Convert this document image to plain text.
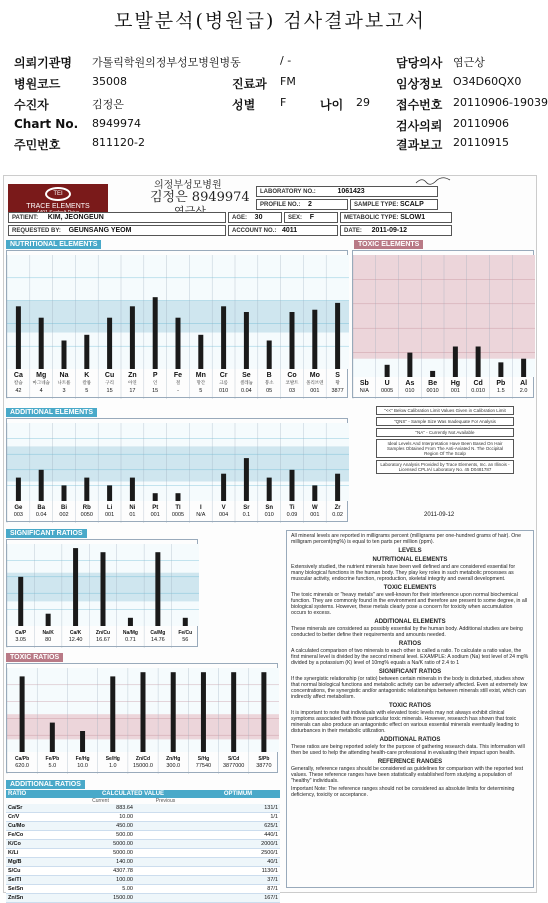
모발분석(병원급) 검사결과보고서
의뢰기관명 가톨릭학원의정부성모병원병동	/ -
병원코드	35008	진료과 FM
수진자	김정은	성별 F	나이 29
Chart No. 8949974
주민번호	811120-2
담당의사 염근상
임상정보 O34D60QX0
접수번호 20110906-19039
검사의뢰 20110906
결과보고 20110915
TEI
TRACE ELEMENTS
의정부성모병원
김정은 8949974	LABORATORY NO.:	1061423
PROFILE NO.: 2	SAMPLE TYPE: SCALP
PATIENT: KIM, JEONGEUN	AGE: 30	SEX: F	METABOLIC TYPE: SLOW1
REQUESTED BY: GEUNSANG YEOM	ACCOUNT NO.: 4011	DATE: 2011-09-12
NUTRITIONAL ELEMENTS	TOXIC ELEMENTS
ADDITIONAL ELEMENTS
SIGNIFICANT RATIOS
TOXIC RATIOS
ADDITIONAL RATIOS
Ca
칼슘
42
Mg
마그네슘
4
Na
나트륨
3
K
칼륨
5
Cu
구리
15
Zn
아연
17
P
인
15
Fe
철
-
Mn
망간
5
Cr
크롬
010
Se
셀레늄
0.04
B
붕소
05
Co
코발트
03
Mo
몰리브덴
001
S
황
3877
Sb
N/A
U
0005
As
010
Be
0010
Hg
001
Cd
0.010
Pb
1.5
Al
2.0
Ge
003
Ba
0.04
Bi
002
Rb
0050
Li
001
Ni
01
Pt
001
Tl
0005
I
N/A
V
004
Sr
0.1
Sn
010
Ti
0.09
W
001
Zr
0.02
Ca/P
3.05
Na/K
80
Ca/K
12.40
Zn/Cu
16.67
Na/Mg
0.71
Ca/Mg
14.76
Fe/Cu
56
Ca/Pb
620.0
Fe/Pb
5.0
Fe/Hg
10.0
Se/Hg
1.0
Zn/Cd
15000.0
Zn/Hg
300.0
S/Hg
77540
S/Cd
3877000
S/Pb
38770
"<<" Below Calibration Limit Values Given in Calibration Limit
"QNS" - Sample Size Was Inadequate For Analysis
"NA" - Currently Not Available
Ideal Levels And Interpretation Have Been Based On Hair Samples Obtained From The Anti-Aviated N. The Occipital Region Of The Scalp
Laboratory Analysis Provided by Trace Elements, Inc. an Illinois - Licensed CPLIA/ Laboratory No. 45 D0481787
2011-09-12

All mineral levels are reported in milligrams percent (milligrams per one-hundred grams of hair). One milligram percent(mg%) is equal to ten parts per million (ppm).

LEVELS
NUTRITIONAL ELEMENTS

Extensively studied, the nutrient minerals have been well defined and are considered essential for many biological functions in the human body. They play key roles in such metabolic processes as muscular activity, endocrine function, reproduction, skeletal integrity and overall development.

TOXIC ELEMENTS

The toxic minerals or "heavy metals" are well-known for their interference upon normal biochemical function. They are commonly found in the environment and therefore are present to some degree, in all biological systems. However, these metals clearly pose a concern for toxicity when accumulation occurs to excess.

ADDITIONAL ELEMENTS

These minerals are considered as possibly essential by the human body. Additional studies are being conducted to better define their requirements and amounts needed.

RATIOS

A calculated comparison of two minerals to each other is called a ratio. To calculate a ratio value, the first mineral level is divided by the second mineral level. EXAMPLE: A sodium (Na) test level of 24 mg% divided by a potassium (K) level of 10mg% equals a Na/K ratio of 2.4 to 1

SIGNIFICANT RATIOS

If the synergistic relationship (or ratio) between certain minerals in the body is disturbed, studies show that normal biological functions and metabolic activity can be adversely affected. Even at extremely low concentrations, the synergistic and/or antagonistic relationships between minerals still exist, which can indirectly affect metabolism.

TOXIC RATIOS

It is important to note that individuals with elevated toxic levels may not always exhibit clinical symptoms associated with those particular toxic minerals. However, research has shown that toxic minerals can also produce an antagonistic effect on various essential minerals eventually leading to disturbances in their metabolic utilization.

ADDITIONAL RATIOS

These ratios are being reported solely for the purpose of gathering research data. This information will then be used to help the attending health-care professional in evaluating their impact upon health.

REFERENCE RANGES

Generally, reference ranges should be considered as guidelines for comparison with the reported test values. These reference ranges have been statistically established form studying a population of "healthy" individuals.

Important Note: The reference ranges should not be considered as absolute limits for determining deficiency, toxicity or acceptance.

RATIO	CALCULATED VALUE	OPTIMUM
Current	Previous
Ca/Sr	883.64	131/1
Cr/V	10.00	1/1
Cu/Mo	450.00	625/1
Fe/Co	500.00	440/1
K/Co	5000.00	2000/1
K/Li	5000.00	2500/1
Mg/B	140.00	40/1
S/Cu	4307.78	1130/1
Se/Tl	100.00	37/1
Se/Sn	5.00	87/1
Zn/Sn	1500.00	167/1
